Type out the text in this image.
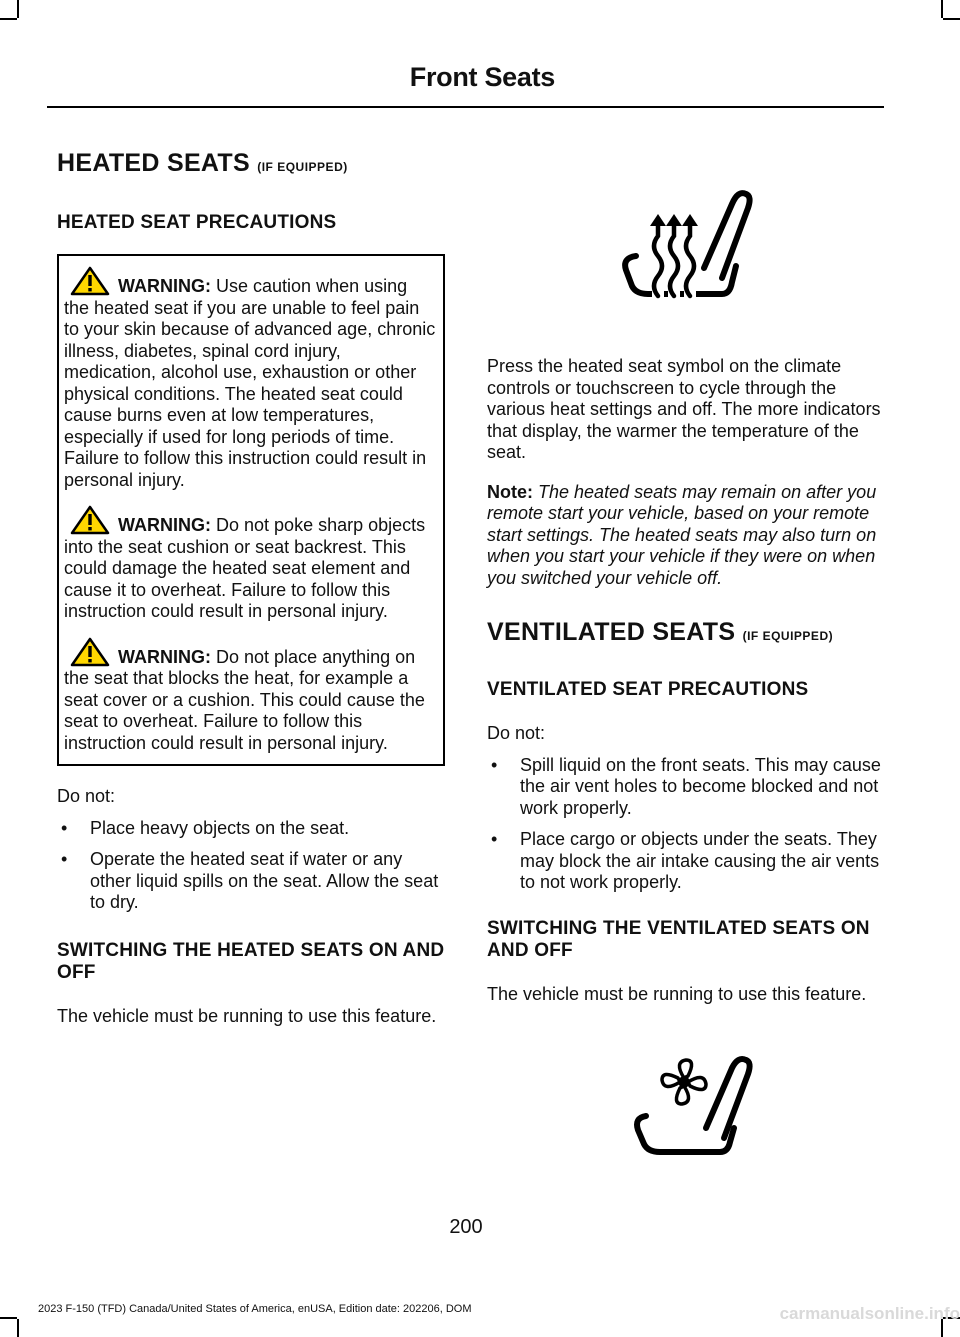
Front Seats
HEATED SEATS (IF EQUIPPED)
HEATED SEAT PRECAUTIONS

WARNING: Use caution when using the heated seat if you are unable to feel pain to your skin because of advanced age, chronic illness, diabetes, spinal cord injury, medication, alcohol use, exhaustion or other physical conditions. The heated seat could cause burns even at low temperatures, especially if used for long periods of time. Failure to follow this instruction could result in personal injury.

WARNING: Do not poke sharp objects into the seat cushion or seat backrest. This could damage the heated seat element and cause it to overheat. Failure to follow this instruction could result in personal injury.

WARNING: Do not place anything on the seat that blocks the heat, for example a seat cover or a cushion. This could cause the seat to overheat. Failure to follow this instruction could result in personal injury.

Do not:

• Place heavy objects on the seat.
• Operate the heated seat if water or any other liquid spills on the seat. Allow the seat to dry.
SWITCHING THE HEATED SEATS ON AND OFF

The vehicle must be running to use this feature.

Press the heated seat symbol on the climate controls or touchscreen to cycle through the various heat settings and off. The more indicators that display, the warmer the temperature of the seat.

Note: The heated seats may remain on after you remote start your vehicle, based on your remote start settings. The heated seats may also turn on when you start your vehicle if they were on when you switched your vehicle off.

VENTILATED SEATS (IF EQUIPPED)
VENTILATED SEAT PRECAUTIONS

Do not:

• Spill liquid on the front seats. This may cause the air vent holes to become blocked and not work properly.
• Place cargo or objects under the seats. They may block the air intake causing the air vents to not work properly.
SWITCHING THE VENTILATED SEATS ON AND OFF

The vehicle must be running to use this feature.

200

2023 F-150 (TFD) Canada/United States of America, enUSA, Edition date: 202206, DOM	carmanualsonline.info
